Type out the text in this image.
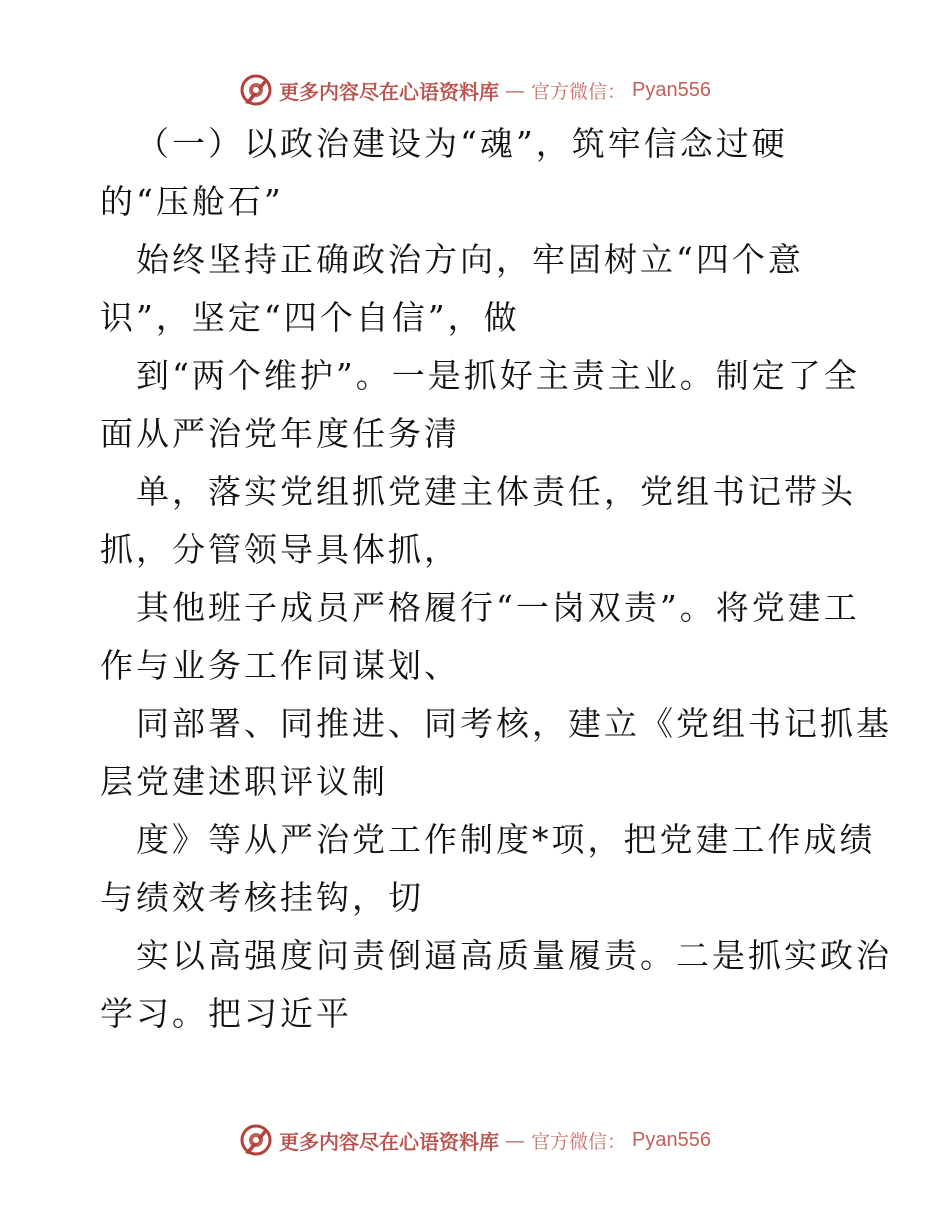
更多内容尽在心语资料库 — 官方微信： Pyan556
（一）以政治建设为“魂”，筑牢信念过硬
的“压舱石”
始终坚持正确政治方向，牢固树立“四个意
识”，坚定“四个自信”，做
到“两个维护”。一是抓好主责主业。制定了全
面从严治党年度任务清
单，落实党组抓党建主体责任，党组书记带头
抓，分管领导具体抓，
其他班子成员严格履行“一岗双责”。将党建工
作与业务工作同谋划、
同部署、同推进、同考核，建立《党组书记抓基
层党建述职评议制
度》等从严治党工作制度*项，把党建工作成绩
与绩效考核挂钩，切
实以高强度问责倒逼高质量履责。二是抓实政治
学习。把习近平
更多内容尽在心语资料库 — 官方微信： Pyan556
